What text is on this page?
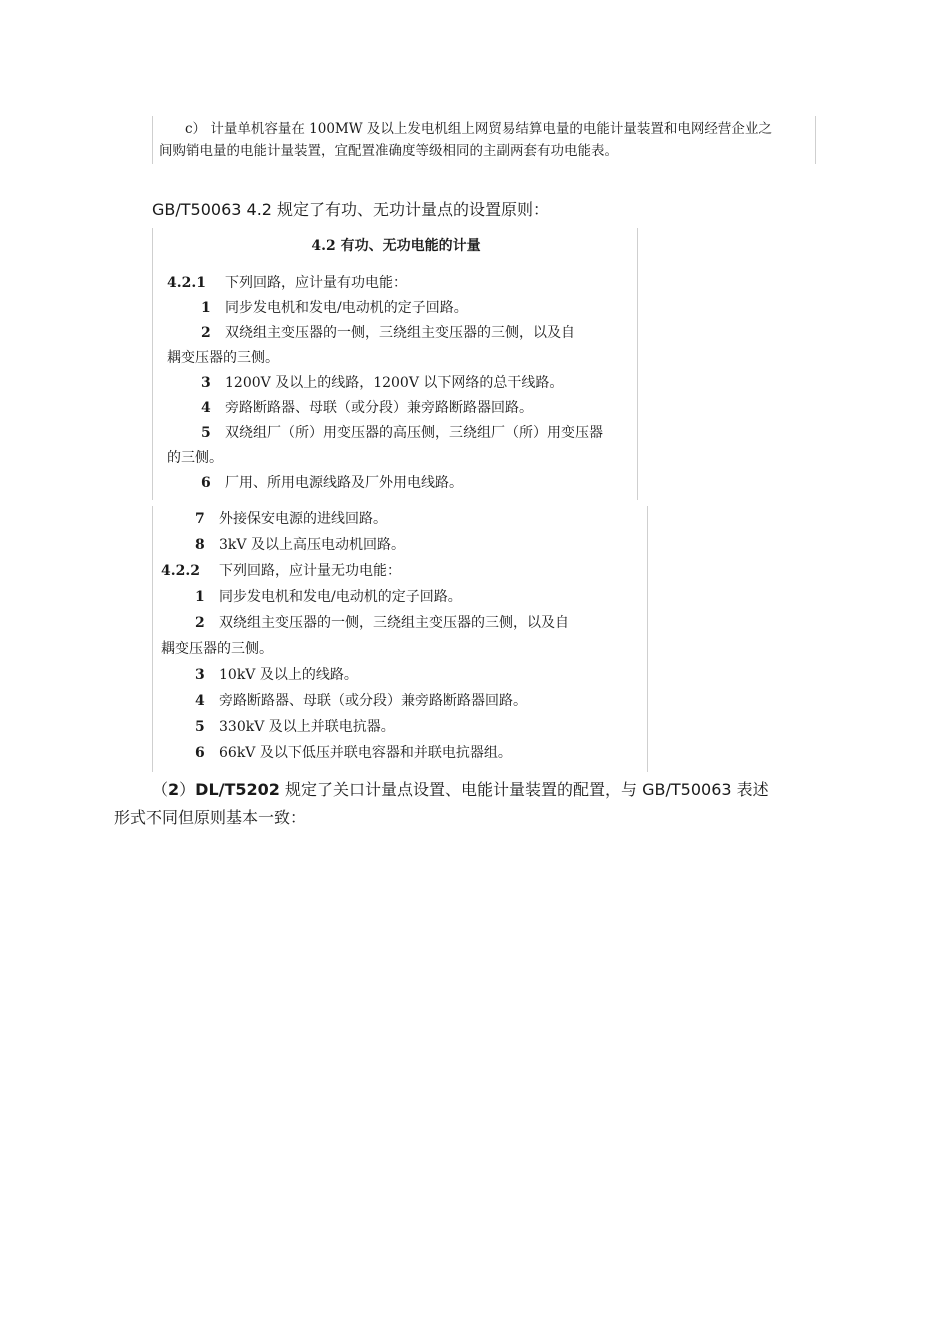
c） 计量单机容量在 100MW 及以上发电机组上网贸易结算电量的电能计量装置和电网经营企业之
间购销电量的电能计量装置，宜配置准确度等级相同的主副两套有功电能表。
GB/T50063 4.2 规定了有功、无功计量点的设置原则：
4.2 有功、无功电能的计量
4.2.1 下列回路，应计量有功电能：
1 同步发电机和发电/电动机的定子回路。
2 双绕组主变压器的一侧，三绕组主变压器的三侧，以及自
耦变压器的三侧。
3 1200V 及以上的线路，1200V 以下网络的总干线路。
4 旁路断路器、母联（或分段）兼旁路断路器回路。
5 双绕组厂（所）用变压器的高压侧，三绕组厂（所）用变压器
的三侧。
6 厂用、所用电源线路及厂外用电线路。
7 外接保安电源的进线回路。
8 3kV 及以上高压电动机回路。
4.2.2 下列回路，应计量无功电能：
1 同步发电机和发电/电动机的定子回路。
2 双绕组主变压器的一侧，三绕组主变压器的三侧，以及自
耦变压器的三侧。
3 10kV 及以上的线路。
4 旁路断路器、母联（或分段）兼旁路断路器回路。
5 330kV 及以上并联电抗器。
6 66kV 及以下低压并联电容器和并联电抗器组。
（2）DL/T5202 规定了关口计量点设置、电能计量装置的配置，与 GB/T50063 表述
形式不同但原则基本一致：
